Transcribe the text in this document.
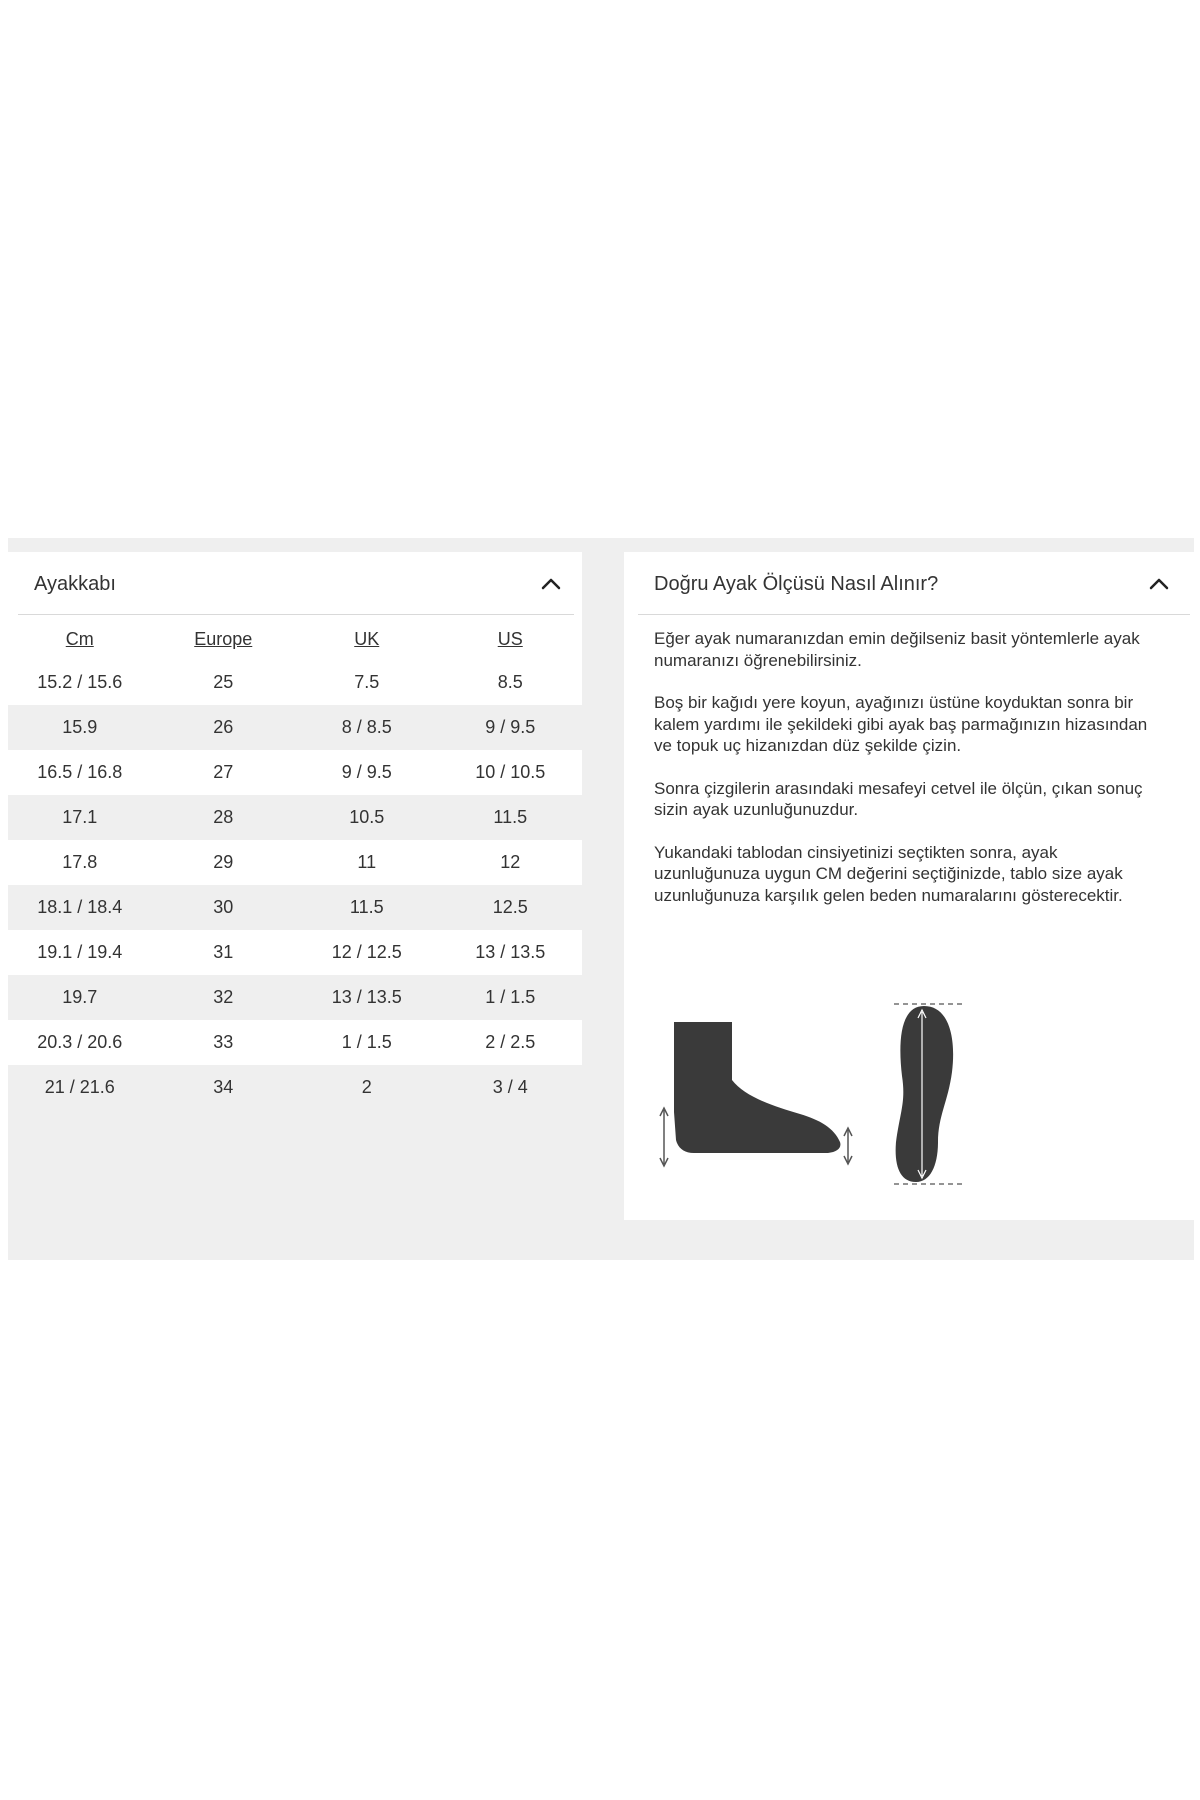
Ayakkabı
Cm	Europe	UK	US
15.2 / 15.6	25	7.5	8.5
15.9	26	8 / 8.5	9 / 9.5
16.5 / 16.8	27	9 / 9.5	10 / 10.5
17.1	28	10.5	11.5
17.8	29	11	12
18.1 / 18.4	30	11.5	12.5
19.1 / 19.4	31	12 / 12.5	13 / 13.5
19.7	32	13 / 13.5	1 / 1.5
20.3 / 20.6	33	1 / 1.5	2 / 2.5
21 / 21.6	34	2	3 / 4
Doğru Ayak Ölçüsü Nasıl Alınır?

Eğer ayak numaranızdan emin değilseniz basit yöntemlerle ayak numaranızı öğrenebilirsiniz.

Boş bir kağıdı yere koyun, ayağınızı üstüne koyduktan sonra bir kalem yardımı ile şekildeki gibi ayak baş parmağınızın hizasından ve topuk uç hizanızdan düz şekilde çizin.

Sonra çizgilerin arasındaki mesafeyi cetvel ile ölçün, çıkan sonuç sizin ayak uzunluğunuzdur.

Yukandaki tablodan cinsiyetinizi seçtikten sonra, ayak uzunluğunuza uygun CM değerini seçtiğinizde, tablo size ayak uzunluğunuza karşılık gelen beden numaralarını gösterecektir.
